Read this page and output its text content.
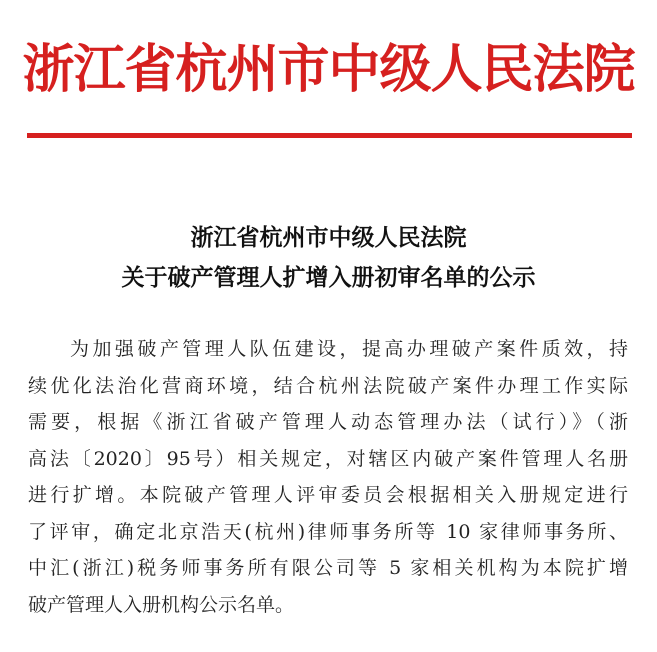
浙江省杭州市中级人民法院
浙江省杭州市中级人民法院
关于破产管理人扩增入册初审名单的公示
为加强破产管理人队伍建设，提高办理破产案件质效，持
续优化法治化营商环境，结合杭州法院破产案件办理工作实际
需要，根据《浙江省破产管理人动态管理办法（试行）》（浙
高法〔2020〕95号）相关规定，对辖区内破产案件管理人名册
进行扩增。本院破产管理人评审委员会根据相关入册规定进行
了评审，确定北京浩天(杭州)律师事务所等 10 家律师事务所、
中汇(浙江)税务师事务所有限公司等 5 家相关机构为本院扩增
破产管理人入册机构公示名单。
